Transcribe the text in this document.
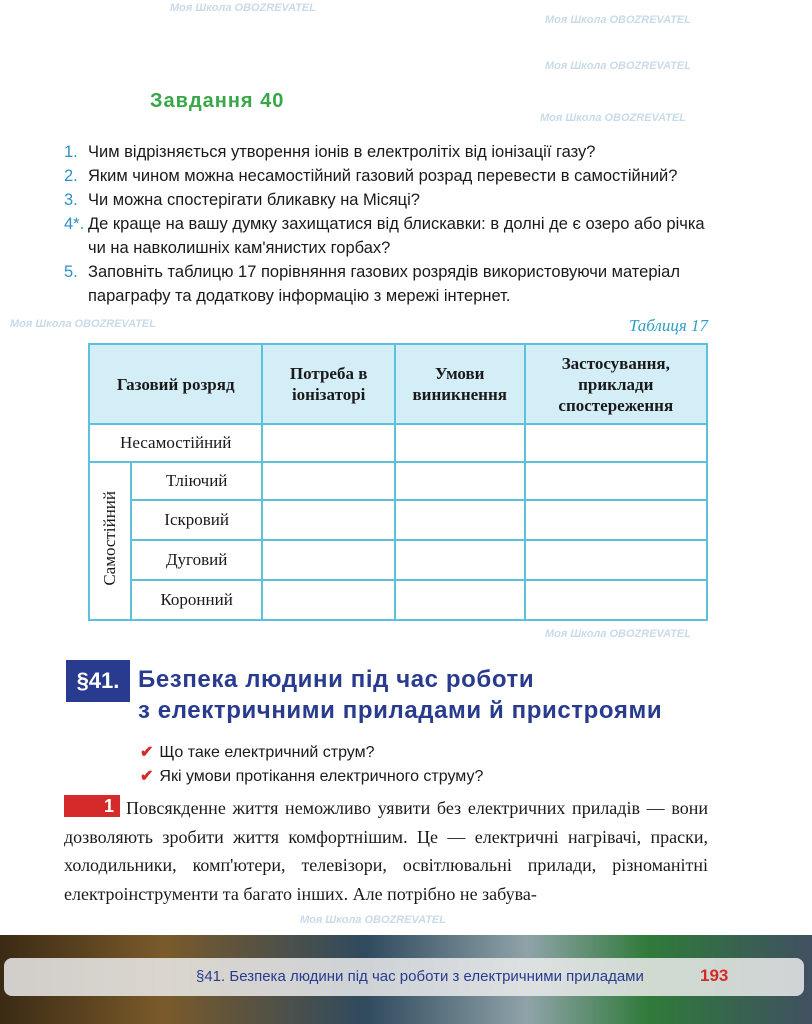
Моя Школа OBOZREVATEL
Моя Школа OBOZREVATEL
Моя Школа OBOZREVATEL
Моя Школа OBOZREVATEL
Моя Школа OBOZREVATEL
Моя Школа OBOZREVATEL
Моя Школа OBOZREVATEL
Завдання 40
1. Чим відрізняється утворення іонів в електролітіх від іонізації газу?
2. Яким чином можна несамостійний газовий розрад перевести в самостійний?
3. Чи можна спостерігати бликавку на Місяці?
4*. Де краще на вашу думку захищатися від блискавки: в долні де є озеро або річка
чи на навколишніх кам'янистих горбах?
5. Заповніть таблицю 17 порівняння газових розрядів використовуючи матеріал
параграфу та додаткову інформацію з мережі інтернет.
Таблиця 17
Газовий розряд		Потреба в іонізаторі	Умови виникнення	Застосування, приклади спостереження
Несамостійний				
Самостійний	Тліючий			
	Іскровий			
	Дуговий			
	Коронний			
§41. Безпека людини під час роботи
з електричними приладами й пристроями
✔ Що таке електричний струм?
✔ Які умови протікання електричного струму?
1 Повсякденне життя неможливо уявити без електричних приладів — вони дозволяють зробити життя комфортнішим. Це — електричні нагрівачі, праски, холодильники, комп'ютери, телевізори, освітлювальні прилади, різноманітні електроінструменти та багато інших. Але потрібно не забува-
§41. Безпека людини під час роботи з електричними приладами	193
